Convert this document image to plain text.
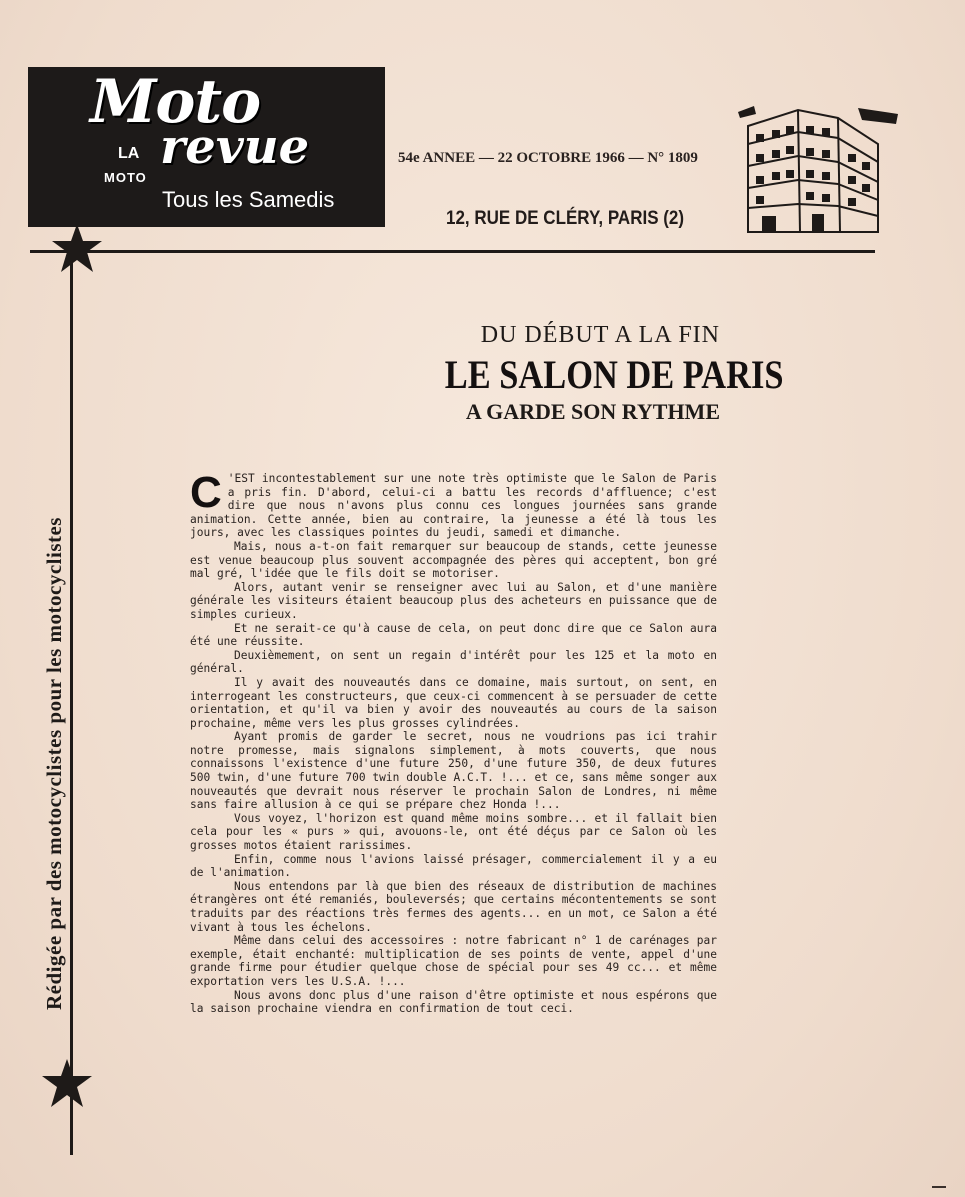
Moto
revue
LA
MOTO
Tous les Samedis
54e ANNEE — 22 OCTOBRE 1966 — N° 1809
12, RUE DE CLÉRY, PARIS (2)
Rédigée par des motocyclistes pour les motocyclistes
DU DÉBUT A LA FIN
LE SALON DE PARIS
A GARDE SON RYTHME

C 'EST incontestablement sur une note très optimiste que le Salon de Paris a pris fin. D'abord, celui-ci a battu les records d'affluence; c'est dire que nous n'avons plus connu ces longues journées sans grande animation. Cette année, bien au contraire, la jeunesse a été là tous les jours, avec les classiques pointes du jeudi, samedi et dimanche.

Mais, nous a-t-on fait remarquer sur beaucoup de stands, cette jeunesse est venue beaucoup plus souvent accompagnée des pères qui acceptent, bon gré mal gré, l'idée que le fils doit se motoriser.

Alors, autant venir se renseigner avec lui au Salon, et d'une manière générale les visiteurs étaient beaucoup plus des acheteurs en puissance que de simples curieux.

Et ne serait-ce qu'à cause de cela, on peut donc dire que ce Salon aura été une réussite.

Deuxièmement, on sent un regain d'intérêt pour les 125 et la moto en général.

Il y avait des nouveautés dans ce domaine, mais surtout, on sent, en interrogeant les constructeurs, que ceux-ci commencent à se persuader de cette orientation, et qu'il va bien y avoir des nouveautés au cours de la saison prochaine, même vers les plus grosses cylindrées.

Ayant promis de garder le secret, nous ne voudrions pas ici trahir notre promesse, mais signalons simplement, à mots couverts, que nous connaissons l'existence d'une future 250, d'une future 350, de deux futures 500 twin, d'une future 700 twin double A.C.T. !... et ce, sans même songer aux nouveautés que devrait nous réserver le prochain Salon de Londres, ni même sans faire allusion à ce qui se prépare chez Honda !...

Vous voyez, l'horizon est quand même moins sombre... et il fallait bien cela pour les « purs » qui, avouons-le, ont été déçus par ce Salon où les grosses motos étaient rarissimes.

Enfin, comme nous l'avions laissé présager, commercialement il y a eu de l'animation.

Nous entendons par là que bien des réseaux de distribution de machines étrangères ont été remaniés, bouleversés; que certains mécontentements se sont traduits par des réactions très fermes des agents... en un mot, ce Salon a été vivant à tous les échelons.

Même dans celui des accessoires : notre fabricant n° 1 de carénages par exemple, était enchanté: multiplication de ses points de vente, appel d'une grande firme pour étudier quelque chose de spécial pour ses 49 cc... et même exportation vers les U.S.A. !...

Nous avons donc plus d'une raison d'être optimiste et nous espérons que la saison prochaine viendra en confirmation de tout ceci.
